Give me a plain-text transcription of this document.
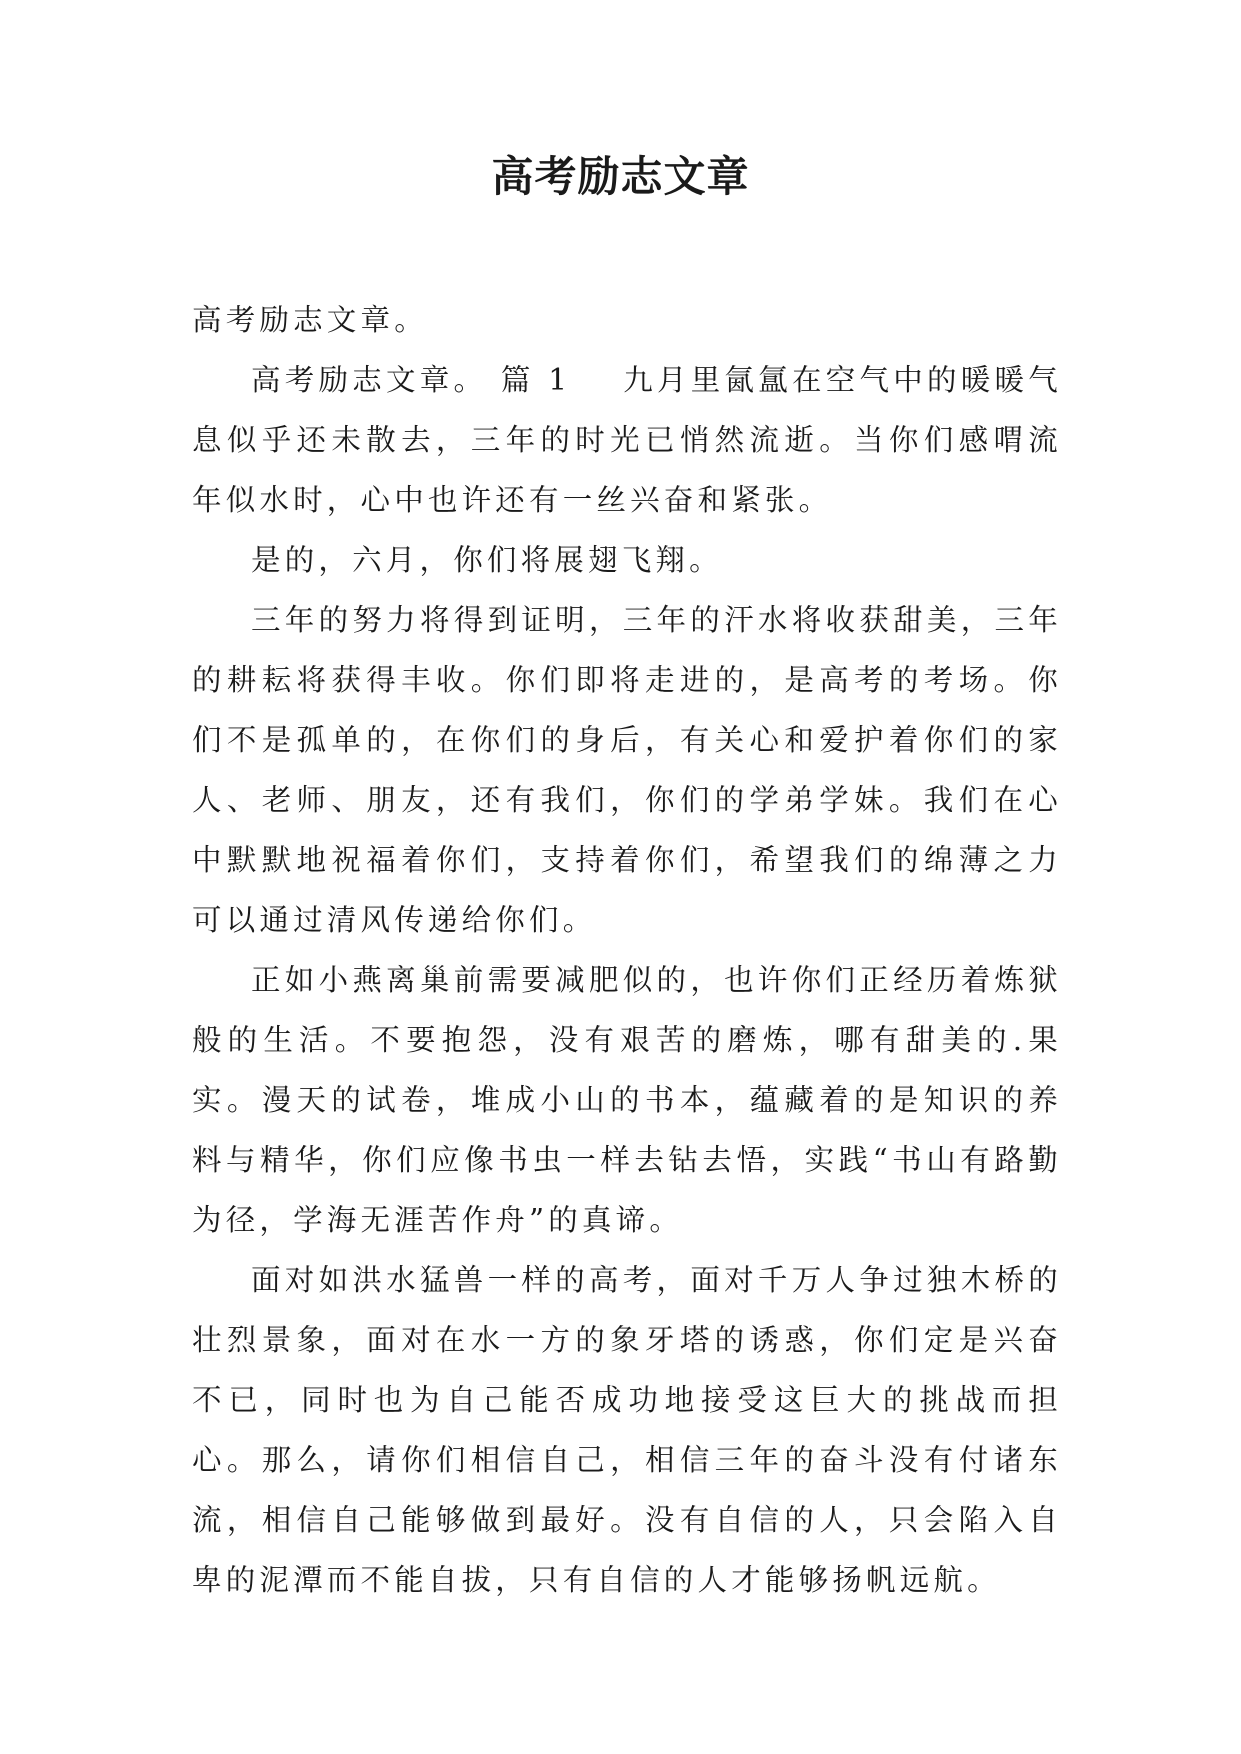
高考励志文章

高考励志文章。

高考励志文章。 篇 1 九月里氤氲在空气中的暖暖气息似乎还未散去，三年的时光已悄然流逝。当你们感喟流年似水时，心中也许还有一丝兴奋和紧张。

是的，六月，你们将展翅飞翔。

三年的努力将得到证明，三年的汗水将收获甜美，三年的耕耘将获得丰收。你们即将走进的，是高考的考场。你们不是孤单的，在你们的身后，有关心和爱护着你们的家人、老师、朋友，还有我们，你们的学弟学妹。我们在心中默默地祝福着你们，支持着你们，希望我们的绵薄之力可以通过清风传递给你们。

正如小燕离巢前需要减肥似的，也许你们正经历着炼狱般的生活。不要抱怨，没有艰苦的磨炼，哪有甜美的.果实。漫天的试卷，堆成小山的书本，蕴藏着的是知识的养料与精华，你们应像书虫一样去钻去悟，实践“书山有路勤为径，学海无涯苦作舟”的真谛。

面对如洪水猛兽一样的高考，面对千万人争过独木桥的壮烈景象，面对在水一方的象牙塔的诱惑，你们定是兴奋不已，同时也为自己能否成功地接受这巨大的挑战而担心。那么，请你们相信自己，相信三年的奋斗没有付诸东流，相信自己能够做到最好。没有自信的人，只会陷入自卑的泥潭而不能自拔，只有自信的人才能够扬帆远航。
